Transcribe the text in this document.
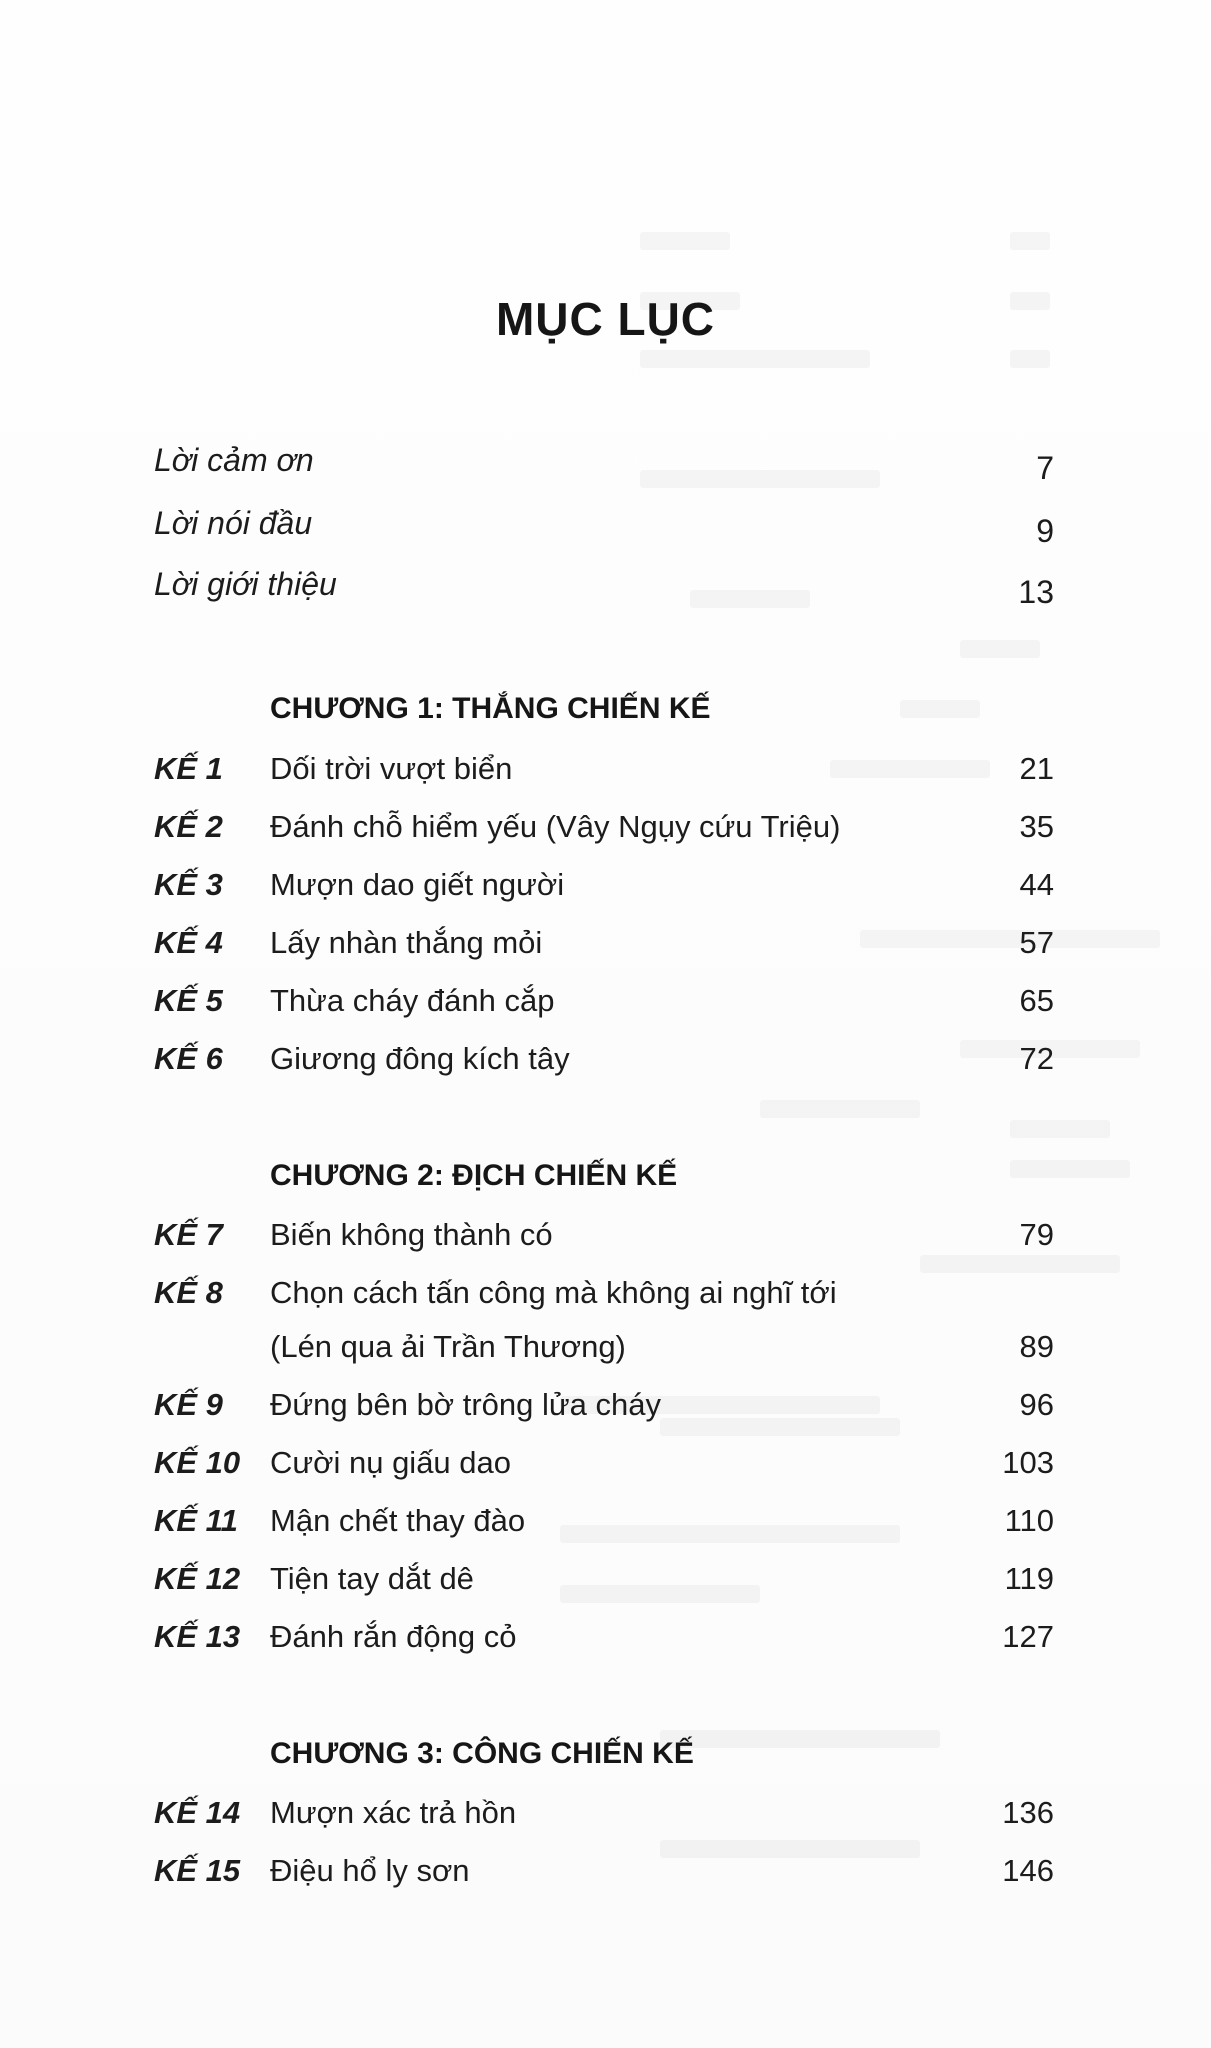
MỤC LỤC
Lời cảm ơn	7
Lời nói đầu	9
Lời giới thiệu	13
CHƯƠNG 1: THẮNG CHIẾN KẾ
KẾ 1 Dối trời vượt biển	21
KẾ 2 Đánh chỗ hiểm yếu (Vây Ngụy cứu Triệu)	35
KẾ 3 Mượn dao giết người	44
KẾ 4 Lấy nhàn thắng mỏi	57
KẾ 5 Thừa cháy đánh cắp	65
KẾ 6 Giương đông kích tây	72
CHƯƠNG 2: ĐỊCH CHIẾN KẾ
KẾ 7 Biến không thành có	79
KẾ 8 Chọn cách tấn công mà không ai nghĩ tới
(Lén qua ải Trần Thương)	89
KẾ 9 Đứng bên bờ trông lửa cháy	96
KẾ 10 Cười nụ giấu dao	103
KẾ 11 Mận chết thay đào	110
KẾ 12 Tiện tay dắt dê	119
KẾ 13 Đánh rắn động cỏ	127
CHƯƠNG 3: CÔNG CHIẾN KẾ
KẾ 14 Mượn xác trả hồn	136
KẾ 15 Điệu hổ ly sơn	146
